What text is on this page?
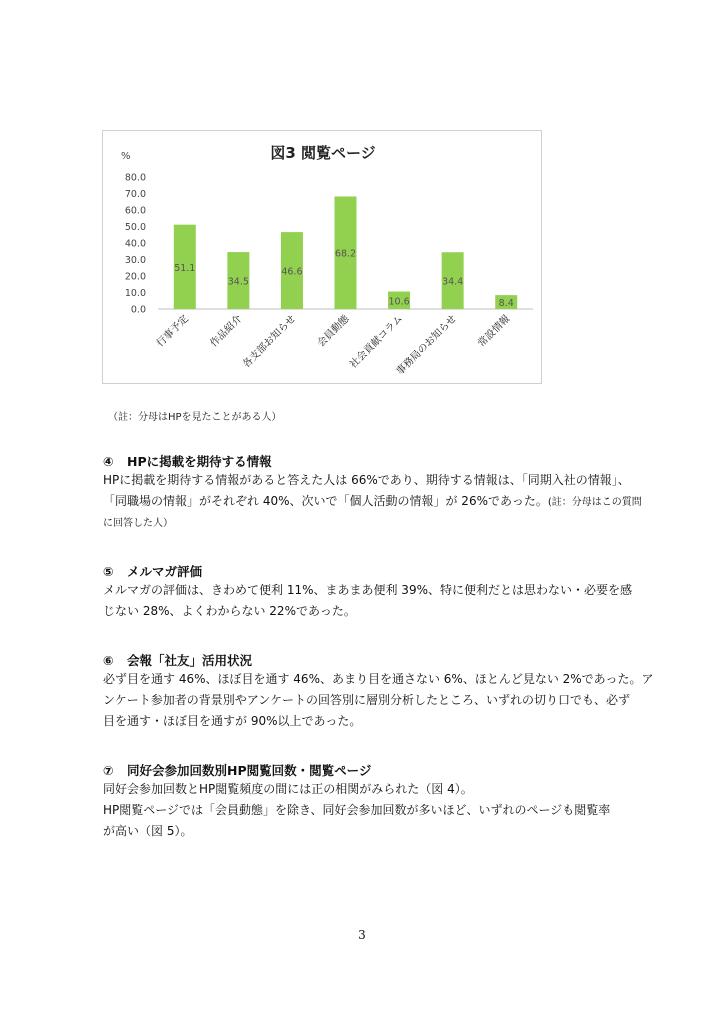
図3 閲覧ページ
%
0.0
10.0
20.0
30.0
40.0
50.0
60.0
70.0
80.0
51.1
行事予定
34.5
作品紹介
46.6
各支部お知らせ
68.2
会員動態
10.6
社会貢献コラム
34.4
事務局のお知らせ
8.4
常設情報
（註：分母はHPを見たことがある人）
④ HPに掲載を期待する情報
HPに掲載を期待する情報があると答えた人は 66%であり、期待する情報は、「同期入社の情報」、
「同職場の情報」がそれぞれ 40%、次いで「個人活動の情報」が 26%であった。(註：分母はこの質問
に回答した人）
⑤ メルマガ評価
メルマガの評価は、きわめて便利 11%、まあまあ便利 39%、特に便利だとは思わない・必要を感
じない 28%、よくわからない 22%であった。
⑥ 会報「社友」活用状況
必ず目を通す 46%、ほぼ目を通す 46%、あまり目を通さない 6%、ほとんど見ない 2%であった。ア
ンケート参加者の背景別やアンケートの回答別に層別分析したところ、いずれの切り口でも、必ず
目を通す・ほぼ目を通すが 90%以上であった。
⑦ 同好会参加回数別HP閲覧回数・閲覧ページ
同好会参加回数とHP閲覧頻度の間には正の相関がみられた（図 4）。
HP閲覧ページでは「会員動態」を除き、同好会参加回数が多いほど、いずれのページも閲覧率
が高い（図 5）。
3
